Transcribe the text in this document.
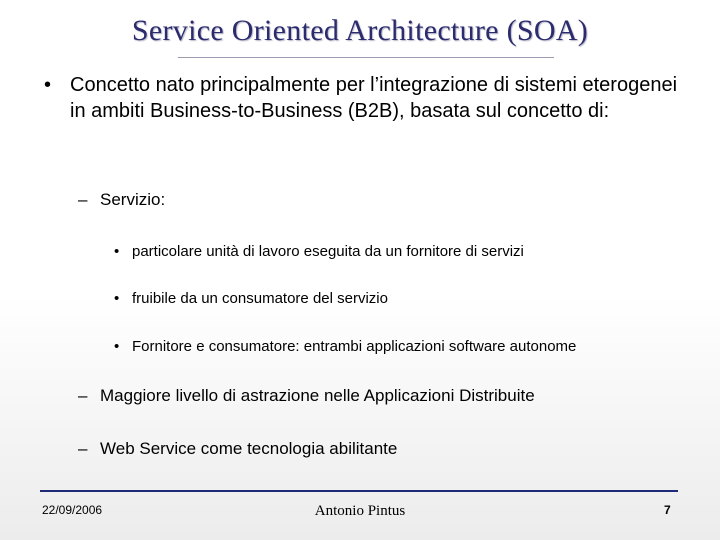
Service Oriented Architecture (SOA)
• Concetto nato principalmente per l’integrazione di sistemi eterogenei in ambiti Business-to-Business (B2B), basata sul concetto di:
– Servizio:
• particolare unità di lavoro eseguita da un fornitore di servizi
• fruibile da un consumatore del servizio
• Fornitore e consumatore: entrambi applicazioni software autonome
– Maggiore livello di astrazione nelle Applicazioni Distribuite
– Web Service come tecnologia abilitante
22/09/2006	Antonio Pintus	7
